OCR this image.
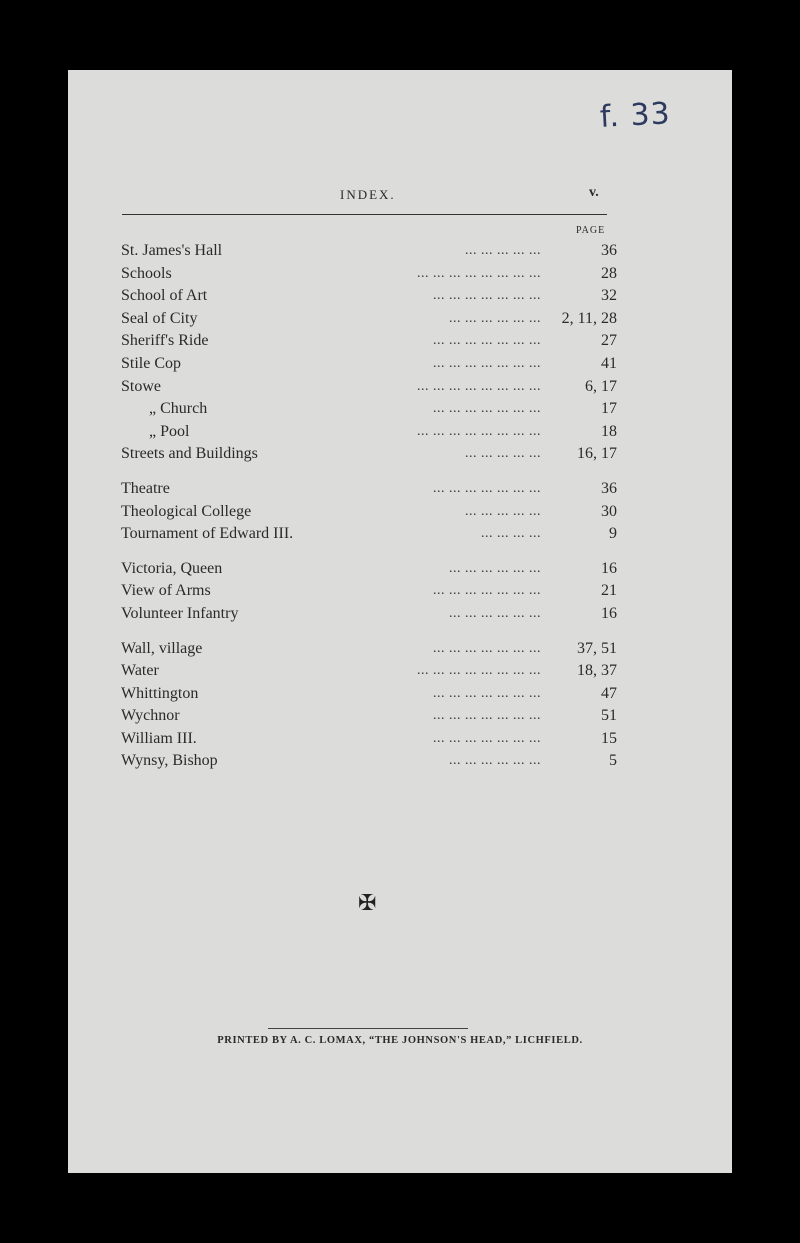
f. 33
INDEX.	v.
PAGE
St. James's Hall	... ... ... ... ...	36
Schools	... ... ... ... ... ... ... ...	28
School of Art	... ... ... ... ... ... ...	32
Seal of City	... ... ... ... ... ... 2, 11, 28
Sheriff's Ride	... ... ... ... ... ... ...	27
Stile Cop	... ... ... ... ... ... ...	41
Stowe	... ... ... ... ... ... ... ...	6, 17
„ Church	... ... ... ... ... ... ...	17
„ Pool	... ... ... ... ... ... ... ...	18
Streets and Buildings	... ... ... ... ... 16, 17
Theatre	... ... ... ... ... ... ...	36
Theological College	... ... ... ... ...	30
Tournament of Edward III.	... ... ... ...	9
Victoria, Queen	... ... ... ... ... ...	16
View of Arms	... ... ... ... ... ... ...	21
Volunteer Infantry	... ... ... ... ... ...	16
Wall, village	... ... ... ... ... ... ... 37, 51
Water	... ... ... ... ... ... ... ... 18, 37
Whittington	... ... ... ... ... ... ...	47
Wychnor	... ... ... ... ... ... ...	51
William III.	... ... ... ... ... ... ...	15
Wynsy, Bishop	... ... ... ... ... ...	5
✠
PRINTED BY A. C. LOMAX, “THE JOHNSON'S HEAD,” LICHFIELD.
